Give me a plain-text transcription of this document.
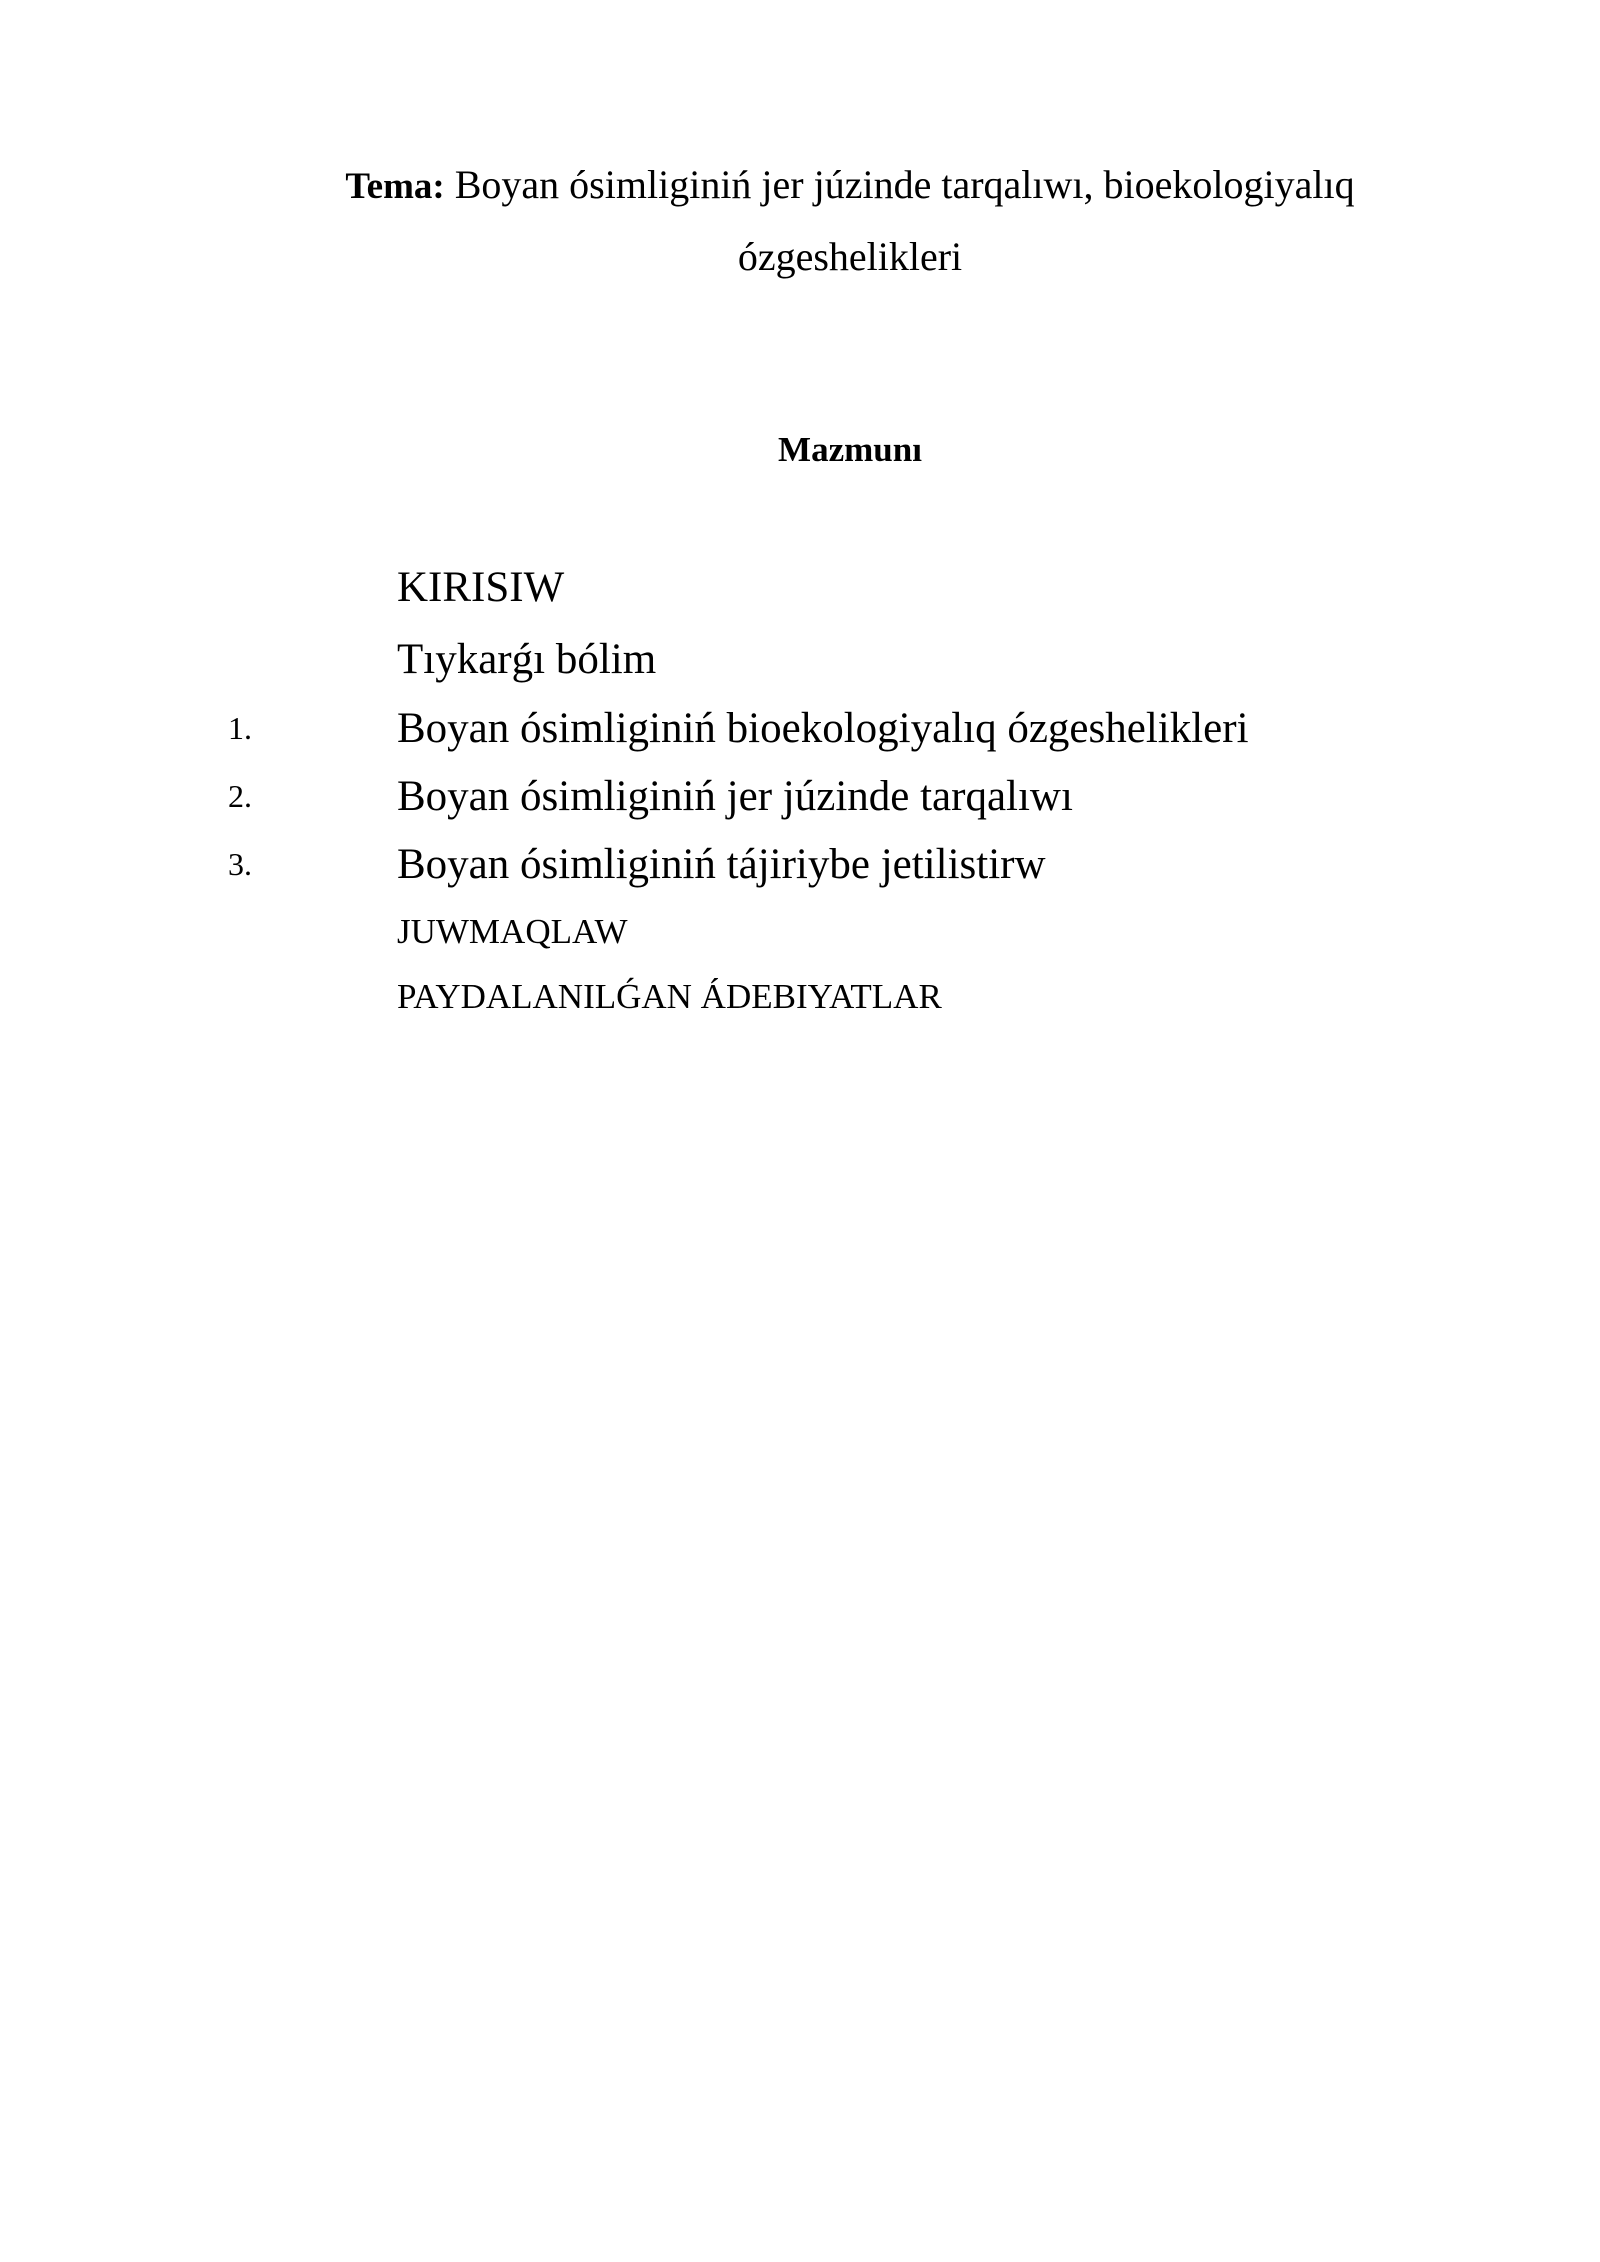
Tema: Boyan ósimliginiń jer júzinde tarqalıwı, bioekologiyalıq ózgeshelikleri
Mazmunı
KIRISIW
Tıykarǵı bólim
1.	Boyan ósimliginiń bioekologiyalıq ózgeshelikleri
2.	Boyan ósimliginiń jer júzinde tarqalıwı
3.	Boyan ósimliginiń tájiriybe jetilistirw
JUWMAQLAW
PAYDALANILǴAN ÁDEBIYATLAR
